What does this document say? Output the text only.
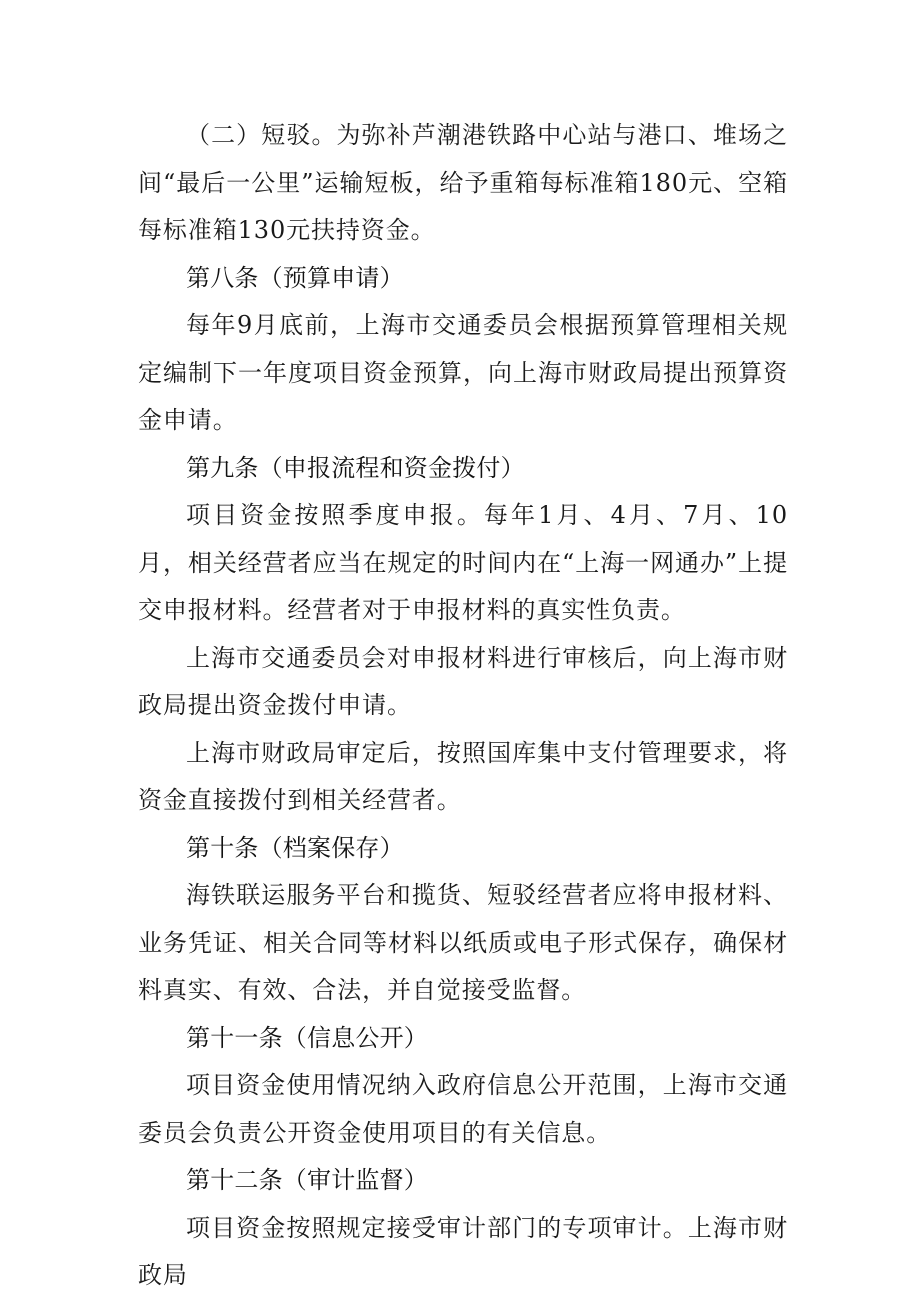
（二）短驳。为弥补芦潮港铁路中心站与港口、堆场之间“最后一公里”运输短板，给予重箱每标准箱180元、空箱每标准箱130元扶持资金。

第八条（预算申请）

每年9月底前，上海市交通委员会根据预算管理相关规定编制下一年度项目资金预算，向上海市财政局提出预算资金申请。

第九条（申报流程和资金拨付）

项目资金按照季度申报。每年1月、4月、7月、10月，相关经营者应当在规定的时间内在“上海一网通办”上提交申报材料。经营者对于申报材料的真实性负责。

上海市交通委员会对申报材料进行审核后，向上海市财政局提出资金拨付申请。

上海市财政局审定后，按照国库集中支付管理要求，将资金直接拨付到相关经营者。

第十条（档案保存）

海铁联运服务平台和揽货、短驳经营者应将申报材料、业务凭证、相关合同等材料以纸质或电子形式保存，确保材料真实、有效、合法，并自觉接受监督。

第十一条（信息公开）

项目资金使用情况纳入政府信息公开范围，上海市交通委员会负责公开资金使用项目的有关信息。

第十二条（审计监督）

项目资金按照规定接受审计部门的专项审计。上海市财政局
